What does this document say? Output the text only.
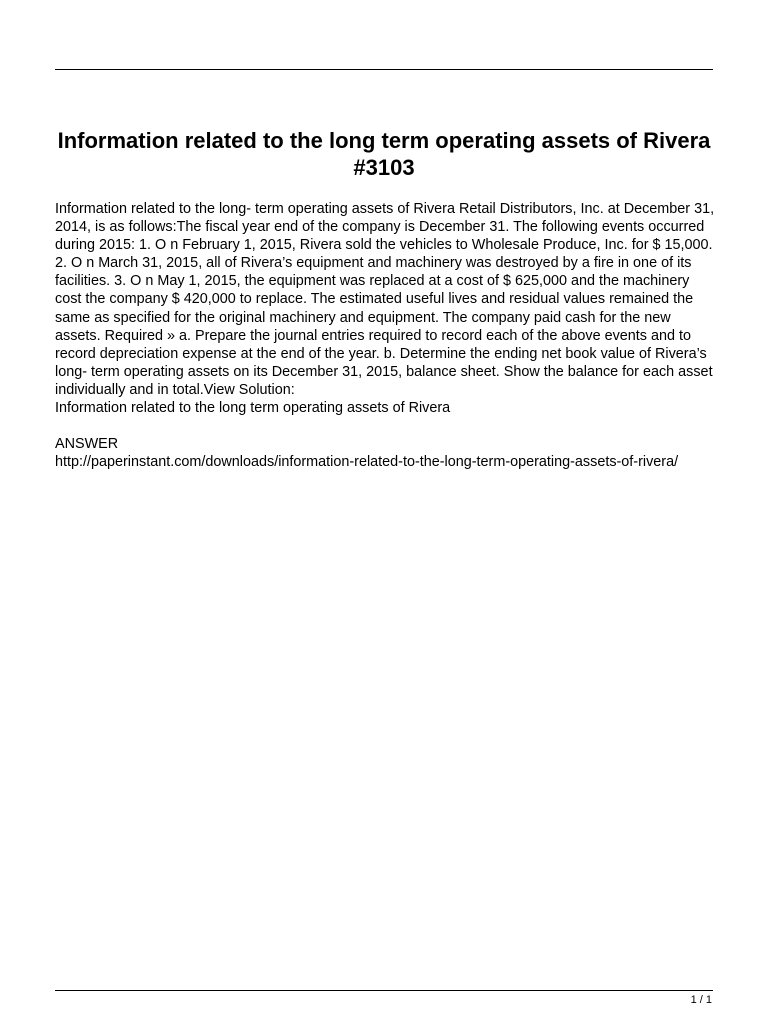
Information related to the long term operating assets of Rivera #3103

Information related to the long- term operating assets of Rivera Retail Distributors, Inc. at December 31, 2014, is as follows:The fiscal year end of the company is December 31. The following events occurred during 2015: 1. O n February 1, 2015, Rivera sold the vehicles to Wholesale Produce, Inc. for $ 15,000. 2. O n March 31, 2015, all of Rivera’s equipment and machinery was destroyed by a fire in one of its facilities. 3. O n May 1, 2015, the equipment was replaced at a cost of $ 625,000 and the machinery cost the company $ 420,000 to replace. The estimated useful lives and residual values remained the same as specified for the original machinery and equipment. The company paid cash for the new assets. Required » a. Prepare the journal entries required to record each of the above events and to record depreciation expense at the end of the year. b. Determine the ending net book value of Rivera’s long- term operating assets on its December 31, 2015, balance sheet. Show the balance for each asset individually and in total.View Solution:

Information related to the long term operating assets of Rivera

ANSWER

http://paperinstant.com/downloads/information-related-to-the-long-term-operating-assets-of-rivera/

1 / 1
